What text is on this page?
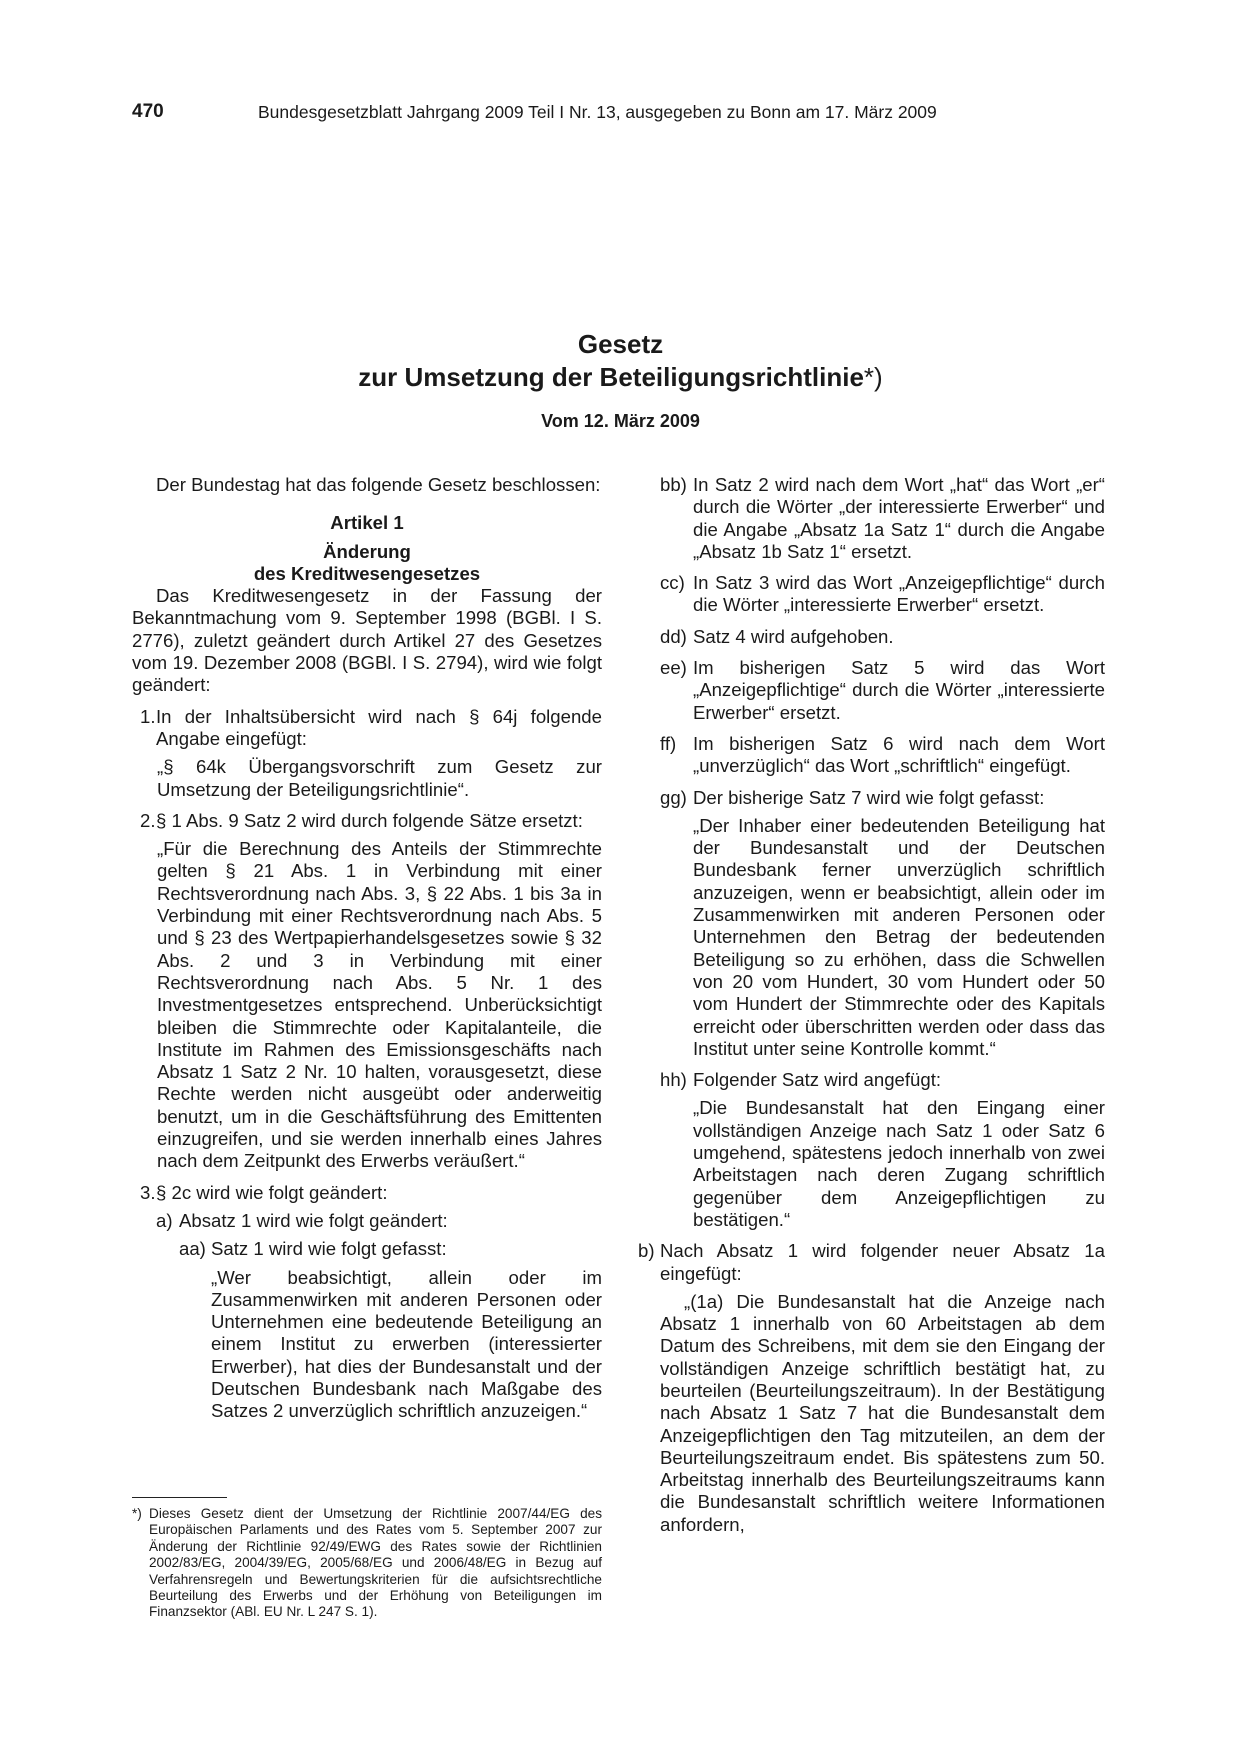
470	Bundesgesetzblatt Jahrgang 2009 Teil I Nr. 13, ausgegeben zu Bonn am 17. März 2009
Gesetz
zur Umsetzung der Beteiligungsrichtlinie*)
Vom 12. März 2009

Der Bundestag hat das folgende Gesetz beschlossen:

Artikel 1

Änderung

des Kreditwesengesetzes

Das Kreditwesengesetz in der Fassung der Bekanntmachung vom 9. September 1998 (BGBl. I S. 2776), zuletzt geändert durch Artikel 27 des Gesetzes vom 19. Dezember 2008 (BGBl. I S. 2794), wird wie folgt geändert:

1. In der Inhaltsübersicht wird nach § 64j folgende Angabe eingefügt:

„§ 64k Übergangsvorschrift zum Gesetz zur Umsetzung der Beteiligungsrichtlinie“.

2. § 1 Abs. 9 Satz 2 wird durch folgende Sätze ersetzt:

„Für die Berechnung des Anteils der Stimmrechte gelten § 21 Abs. 1 in Verbindung mit einer Rechtsverordnung nach Abs. 3, § 22 Abs. 1 bis 3a in Verbindung mit einer Rechtsverordnung nach Abs. 5 und § 23 des Wertpapierhandelsgesetzes sowie § 32 Abs. 2 und 3 in Verbindung mit einer Rechtsverordnung nach Abs. 5 Nr. 1 des Investmentgesetzes entsprechend. Unberücksichtigt bleiben die Stimmrechte oder Kapitalanteile, die Institute im Rahmen des Emissionsgeschäfts nach Absatz 1 Satz 2 Nr. 10 halten, vorausgesetzt, diese Rechte werden nicht ausgeübt oder anderweitig benutzt, um in die Geschäftsführung des Emittenten einzugreifen, und sie werden innerhalb eines Jahres nach dem Zeitpunkt des Erwerbs veräußert.“

3. § 2c wird wie folgt geändert:

a) Absatz 1 wird wie folgt geändert:

aa) Satz 1 wird wie folgt gefasst:

„Wer beabsichtigt, allein oder im Zusammenwirken mit anderen Personen oder Unternehmen eine bedeutende Beteiligung an einem Institut zu erwerben (interessierter Erwerber), hat dies der Bundesanstalt und der Deutschen Bundesbank nach Maßgabe des Satzes 2 unverzüglich schriftlich anzuzeigen.“

bb) In Satz 2 wird nach dem Wort „hat“ das Wort „er“ durch die Wörter „der interessierte Erwerber“ und die Angabe „Absatz 1a Satz 1“ durch die Angabe „Absatz 1b Satz 1“ ersetzt.

cc) In Satz 3 wird das Wort „Anzeigepflichtige“ durch die Wörter „interessierte Erwerber“ ersetzt.

dd) Satz 4 wird aufgehoben.

ee) Im bisherigen Satz 5 wird das Wort „Anzeigepflichtige“ durch die Wörter „interessierte Erwerber“ ersetzt.

ff) Im bisherigen Satz 6 wird nach dem Wort „unverzüglich“ das Wort „schriftlich“ eingefügt.

gg) Der bisherige Satz 7 wird wie folgt gefasst:

„Der Inhaber einer bedeutenden Beteiligung hat der Bundesanstalt und der Deutschen Bundesbank ferner unverzüglich schriftlich anzuzeigen, wenn er beabsichtigt, allein oder im Zusammenwirken mit anderen Personen oder Unternehmen den Betrag der bedeutenden Beteiligung so zu erhöhen, dass die Schwellen von 20 vom Hundert, 30 vom Hundert oder 50 vom Hundert der Stimmrechte oder des Kapitals erreicht oder überschritten werden oder dass das Institut unter seine Kontrolle kommt.“

hh) Folgender Satz wird angefügt:

„Die Bundesanstalt hat den Eingang einer vollständigen Anzeige nach Satz 1 oder Satz 6 umgehend, spätestens jedoch innerhalb von zwei Arbeitstagen nach deren Zugang schriftlich gegenüber dem Anzeigepflichtigen zu bestätigen.“

b) Nach Absatz 1 wird folgender neuer Absatz 1a eingefügt:

„(1a) Die Bundesanstalt hat die Anzeige nach Absatz 1 innerhalb von 60 Arbeitstagen ab dem Datum des Schreibens, mit dem sie den Eingang der vollständigen Anzeige schriftlich bestätigt hat, zu beurteilen (Beurteilungszeitraum). In der Bestätigung nach Absatz 1 Satz 7 hat die Bundesanstalt dem Anzeigepflichtigen den Tag mitzuteilen, an dem der Beurteilungszeitraum endet. Bis spätestens zum 50. Arbeitstag innerhalb des Beurteilungszeitraums kann die Bundesanstalt schriftlich weitere Informationen anfordern,

*) Dieses Gesetz dient der Umsetzung der Richtlinie 2007/44/EG des Europäischen Parlaments und des Rates vom 5. September 2007 zur Änderung der Richtlinie 92/49/EWG des Rates sowie der Richtlinien 2002/83/EG, 2004/39/EG, 2005/68/EG und 2006/48/EG in Bezug auf Verfahrensregeln und Bewertungskriterien für die aufsichtsrechtliche Beurteilung des Erwerbs und der Erhöhung von Beteiligungen im Finanzsektor (ABl. EU Nr. L 247 S. 1).
